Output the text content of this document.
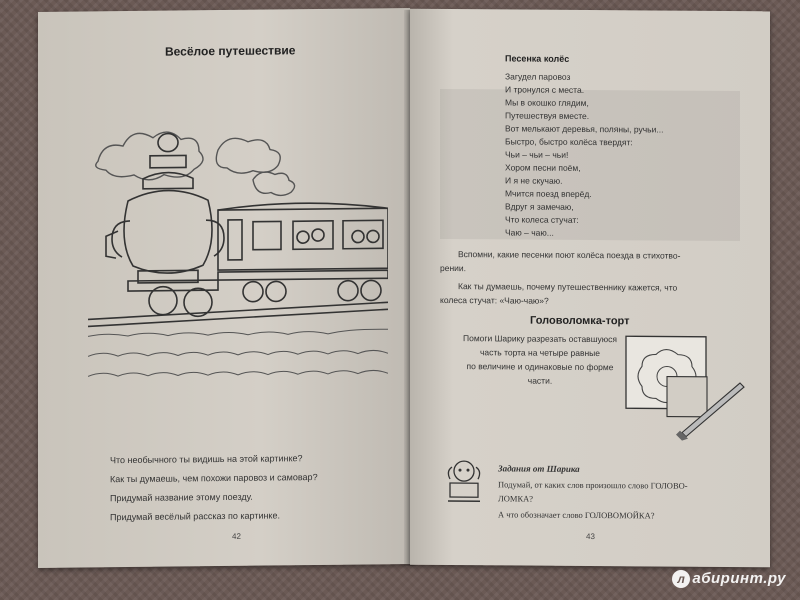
Весёлое путешествие
Что необычного ты видишь на этой картинке?
Как ты думаешь, чем похожи паровоз и самовар?
Придумай название этому поезду.
Придумай весёлый рассказ по картинке.
42
Песенка колёс
Загудел паровоз
И тронулся с места.
Мы в окошко глядим,
Путешествуя вместе.
Вот мелькают деревья, поляны, ручьи...
Быстро, быстро колёса твердят:
Чьи – чьи – чьи!
Хором песни поём,
И я не скучаю.
Мчится поезд вперёд.
Вдруг я замечаю,
Что колеса стучат:
Чаю – чаю...
Вспомни, какие песенки поют колёса поезда в стихотво-
рении.
Как ты думаешь, почему путешественнику кажется, что
колеса стучат: «Чаю-чаю»?
Головоломка-торт
Помоги Шарику разрезать оставшуюся часть торта на четыре равные
по величине и одинаковые по форме
части.
Задания от Шарика
Подумай, от каких слов произошло слово ГОЛОВО-
ЛОМКА?
А что обозначает слово ГОЛОВОМОЙКА?
43
л абиринт.ру
